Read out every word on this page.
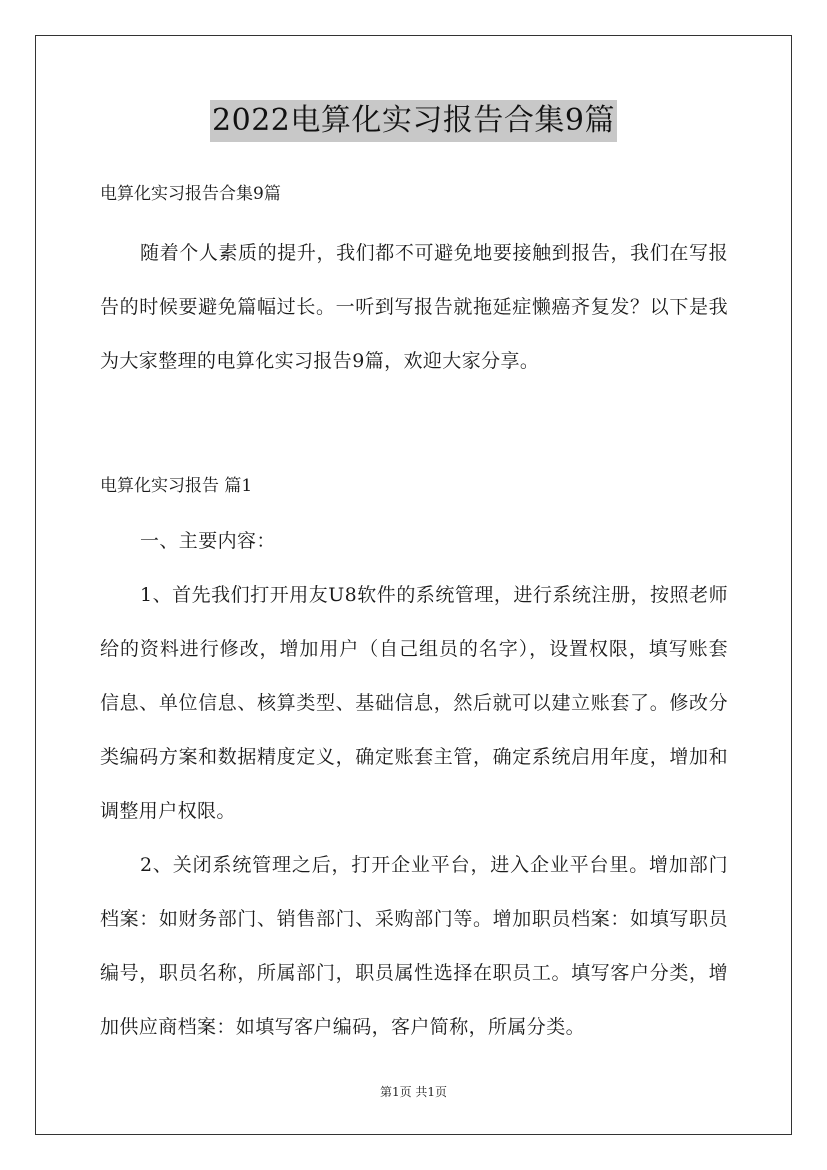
2022电算化实习报告合集9篇

电算化实习报告合集9篇

随着个人素质的提升，我们都不可避免地要接触到报告，我们在写报告的时候要避免篇幅过长。一听到写报告就拖延症懒癌齐复发？以下是我为大家整理的电算化实习报告9篇，欢迎大家分享。

电算化实习报告 篇1

一、主要内容：

1、首先我们打开用友U8软件的系统管理，进行系统注册，按照老师给的资料进行修改，增加用户（自己组员的名字），设置权限，填写账套信息、单位信息、核算类型、基础信息，然后就可以建立账套了。修改分类编码方案和数据精度定义，确定账套主管，确定系统启用年度，增加和调整用户权限。

2、关闭系统管理之后，打开企业平台，进入企业平台里。增加部门档案：如财务部门、销售部门、采购部门等。增加职员档案：如填写职员编号，职员名称，所属部门，职员属性选择在职员工。填写客户分类，增加供应商档案：如填写客户编码，客户简称，所属分类。

第1页 共1页
